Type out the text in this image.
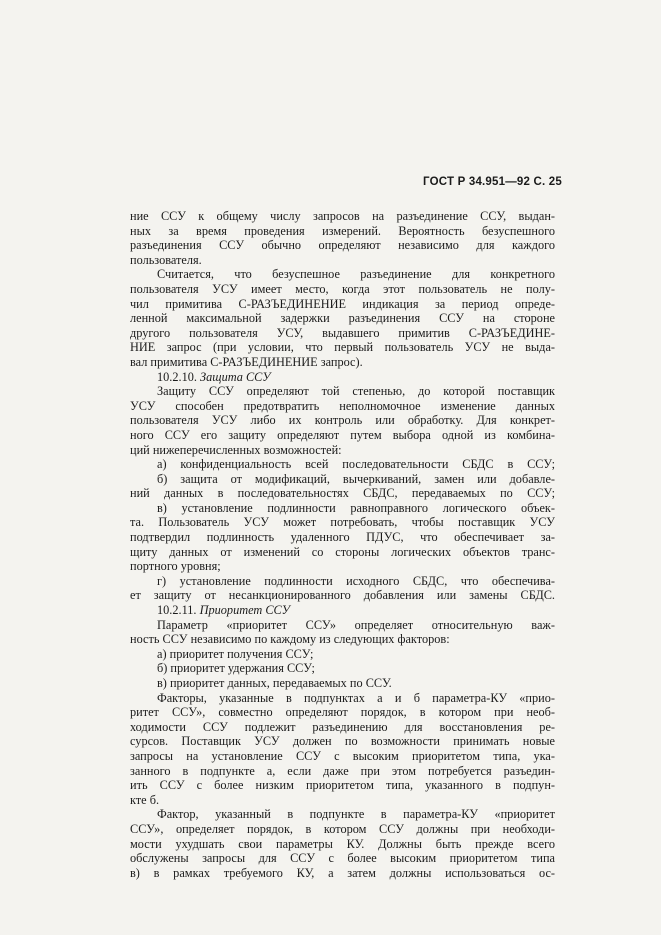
ГОСТ Р 34.951—92 С. 25

ние ССУ к общему числу запросов на разъединение ССУ, выдан-

ных за время проведения измерений. Вероятность безуспешного

разъединения ССУ обычно определяют независимо для каждого

пользователя.

Считается, что безуспешное разъединение для конкретного

пользователя УСУ имеет место, когда этот пользователь не полу-

чил примитива С-РАЗЪЕДИНЕНИЕ индикация за период опреде-

ленной максимальной задержки разъединения ССУ на стороне

другого пользователя УСУ, выдавшего примитив С-РАЗЪЕДИНЕ-

НИЕ запрос (при условии, что первый пользователь УСУ не выда-

вал примитива С-РАЗЪЕДИНЕНИЕ запрос).

10.2.10. Защита ССУ

Защиту ССУ определяют той степенью, до которой поставщик

УСУ способен предотвратить неполномочное изменение данных

пользователя УСУ либо их контроль или обработку. Для конкрет-

ного ССУ его защиту определяют путем выбора одной из комбина-

ций нижеперечисленных возможностей:

а) конфиденциальность всей последовательности СБДС в ССУ;

б) защита от модификаций, вычеркиваний, замен или добавле-

ний данных в последовательностях СБДС, передаваемых по ССУ;

в) установление подлинности равноправного логического объек-

та. Пользователь УСУ может потребовать, чтобы поставщик УСУ

подтвердил подлинность удаленного ПДУС, что обеспечивает за-

щиту данных от изменений со стороны логических объектов транс-

портного уровня;

г) установление подлинности исходного СБДС, что обеспечива-

ет защиту от несанкционированного добавления или замены СБДС.

10.2.11. Приоритет ССУ

Параметр «приоритет ССУ» определяет относительную важ-

ность ССУ независимо по каждому из следующих факторов:

а) приоритет получения ССУ;

б) приоритет удержания ССУ;

в) приоритет данных, передаваемых по ССУ.

Факторы, указанные в подпунктах а и б параметра-КУ «прио-

ритет ССУ», совместно определяют порядок, в котором при необ-

ходимости ССУ подлежит разъединению для восстановления ре-

сурсов. Поставщик УСУ должен по возможности принимать новые

запросы на установление ССУ с высоким приоритетом типа, ука-

занного в подпункте а, если даже при этом потребуется разъедин-

ить ССУ с более низким приоритетом типа, указанного в подпун-

кте б.

Фактор, указанный в подпункте в параметра-КУ «приоритет

ССУ», определяет порядок, в котором ССУ должны при необходи-

мости ухудшать свои параметры КУ. Должны быть прежде всего

обслужены запросы для ССУ с более высоким приоритетом типа

в) в рамках требуемого КУ, а затем должны использоваться ос-
